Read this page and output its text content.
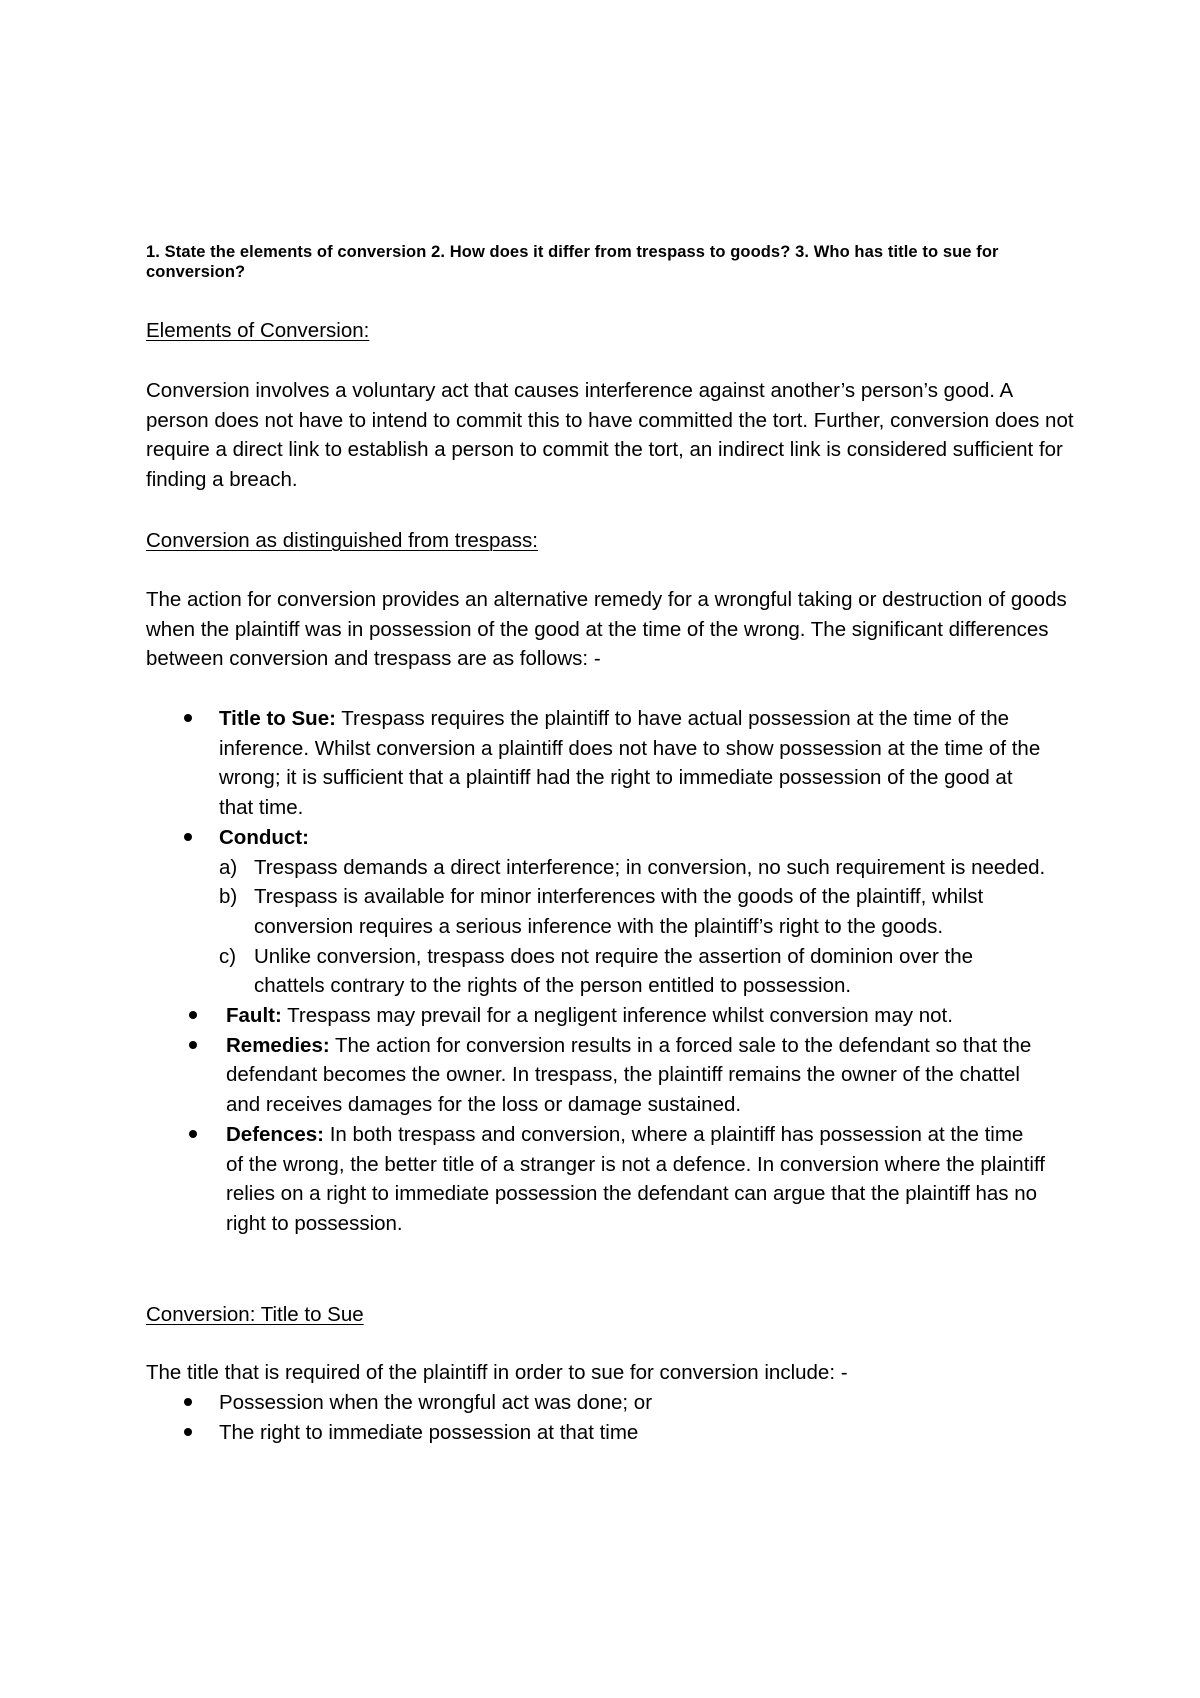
1. State the elements of conversion 2. How does it differ from trespass to goods? 3. Who has title to sue for conversion?
Elements of Conversion:

Conversion involves a voluntary act that causes interference against another’s person’s good. A person does not have to intend to commit this to have committed the tort. Further, conversion does not require a direct link to establish a person to commit the tort, an indirect link is considered sufficient for finding a breach.

Conversion as distinguished from trespass:

The action for conversion provides an alternative remedy for a wrongful taking or destruction of goods when the plaintiff was in possession of the good at the time of the wrong. The significant differences between conversion and trespass are as follows: -

Title to Sue: Trespass requires the plaintiff to have actual possession at the time of the inference. Whilst conversion a plaintiff does not have to show possession at the time of the wrong; it is sufficient that a plaintiff had the right to immediate possession of the good at that time.
Conduct:
a) Trespass demands a direct interference; in conversion, no such requirement is needed.
b) Trespass is available for minor interferences with the goods of the plaintiff, whilst conversion requires a serious inference with the plaintiff’s right to the goods.
c) Unlike conversion, trespass does not require the assertion of dominion over the chattels contrary to the rights of the person entitled to possession.
Fault: Trespass may prevail for a negligent inference whilst conversion may not.
Remedies: The action for conversion results in a forced sale to the defendant so that the defendant becomes the owner. In trespass, the plaintiff remains the owner of the chattel and receives damages for the loss or damage sustained.
Defences: In both trespass and conversion, where a plaintiff has possession at the time of the wrong, the better title of a stranger is not a defence. In conversion where the plaintiff relies on a right to immediate possession the defendant can argue that the plaintiff has no right to possession.
Conversion: Title to Sue

The title that is required of the plaintiff in order to sue for conversion include: -

Possession when the wrongful act was done; or
The right to immediate possession at that time
